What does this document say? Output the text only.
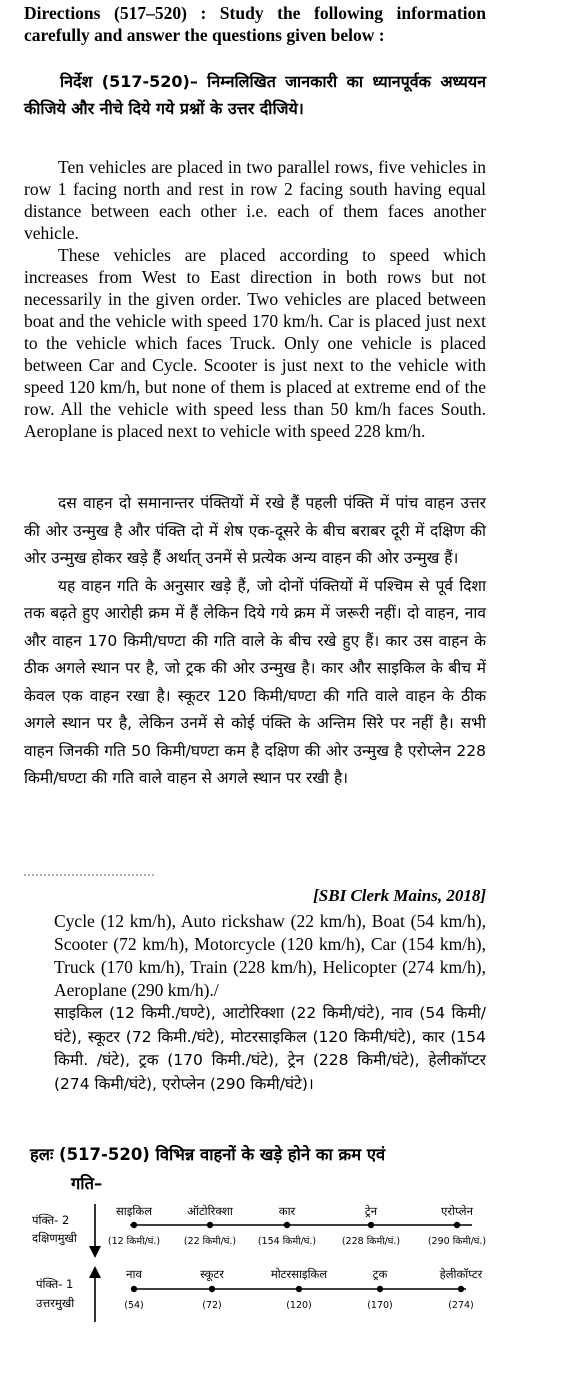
Directions (517–520) : Study the following information carefully and answer the questions given below :

निर्देश (517-520)– निम्नलिखित जानकारी का ध्यानपूर्वक अध्ययन कीजिये और नीचे दिये गये प्रश्नों के उत्तर दीजिये।

Ten vehicles are placed in two parallel rows, five vehicles in row 1 facing north and rest in row 2 facing south having equal distance between each other i.e. each of them faces another vehicle.

These vehicles are placed according to speed which increases from West to East direction in both rows but not necessarily in the given order. Two vehicles are placed between boat and the vehicle with speed 170 km/h. Car is placed just next to the vehicle which faces Truck. Only one vehicle is placed between Car and Cycle. Scooter is just next to the vehicle with speed 120 km/h, but none of them is placed at extreme end of the row. All the vehicle with speed less than 50 km/h faces South. Aeroplane is placed next to vehicle with speed 228 km/h.

दस वाहन दो समानान्तर पंक्तियों में रखे हैं पहली पंक्ति में पांच वाहन उत्तर की ओर उन्मुख है और पंक्ति दो में शेष एक-दूसरे के बीच बराबर दूरी में दक्षिण की ओर उन्मुख होकर खड़े हैं अर्थात् उनमें से प्रत्येक अन्य वाहन की ओर उन्मुख हैं।

यह वाहन गति के अनुसार खड़े हैं, जो दोनों पंक्तियों में पश्चिम से पूर्व दिशा तक बढ़ते हुए आरोही क्रम में हैं लेकिन दिये गये क्रम में जरूरी नहीं। दो वाहन, नाव और वाहन 170 किमी/घण्टा की गति वाले के बीच रखे हुए हैं। कार उस वाहन के ठीक अगले स्थान पर है, जो ट्रक की ओर उन्मुख है। कार और साइकिल के बीच में केवल एक वाहन रखा है। स्कूटर 120 किमी/घण्टा की गति वाले वाहन के ठीक अगले स्थान पर है, लेकिन उनमें से कोई पंक्ति के अन्तिम सिरे पर नहीं है। सभी वाहन जिनकी गति 50 किमी/घण्टा कम है दक्षिण की ओर उन्मुख है एरोप्लेन 228 किमी/घण्टा की गति वाले वाहन से अगले स्थान पर रखी है।

[SBI Clerk Mains, 2018]

Cycle (12 km/h), Auto rickshaw (22 km/h), Boat (54 km/h), Scooter (72 km/h), Motorcycle (120 km/h), Car (154 km/h), Truck (170 km/h), Train (228 km/h), Helicopter (274 km/h), Aeroplane (290 km/h)./

साइकिल (12 किमी./घण्टे), आटोरिक्शा (22 किमी/घंटे), नाव (54 किमी/घंटे), स्कूटर (72 किमी./घंटे), मोटरसाइकिल (120 किमी/घंटे), कार (154 किमी. /घंटे), ट्रक (170 किमी./घंटे), ट्रेन (228 किमी/घंटे), हेलीकॉप्टर (274 किमी/घंटे), एरोप्लेन (290 किमी/घंटे)।

हलः (517-520) विभिन्न वाहनों के खड़े होने का क्रम एवं
गति–
पंक्ति- 2
दक्षिणमुखी
साइकिल
(12 किमी/घं.)
ऑटोरिक्शा
(22 किमी/घं.)
कार
(154 किमी/घं.)
ट्रेन
(228 किमी/घं.)
एरोप्लेन
(290 किमी/घं.)
पंक्ति- 1
उत्तरमुखी
नाव
(54)
स्कूटर
(72)
मोटरसाइकिल
(120)
ट्रक
(170)
हेलीकॉप्टर
(274)
